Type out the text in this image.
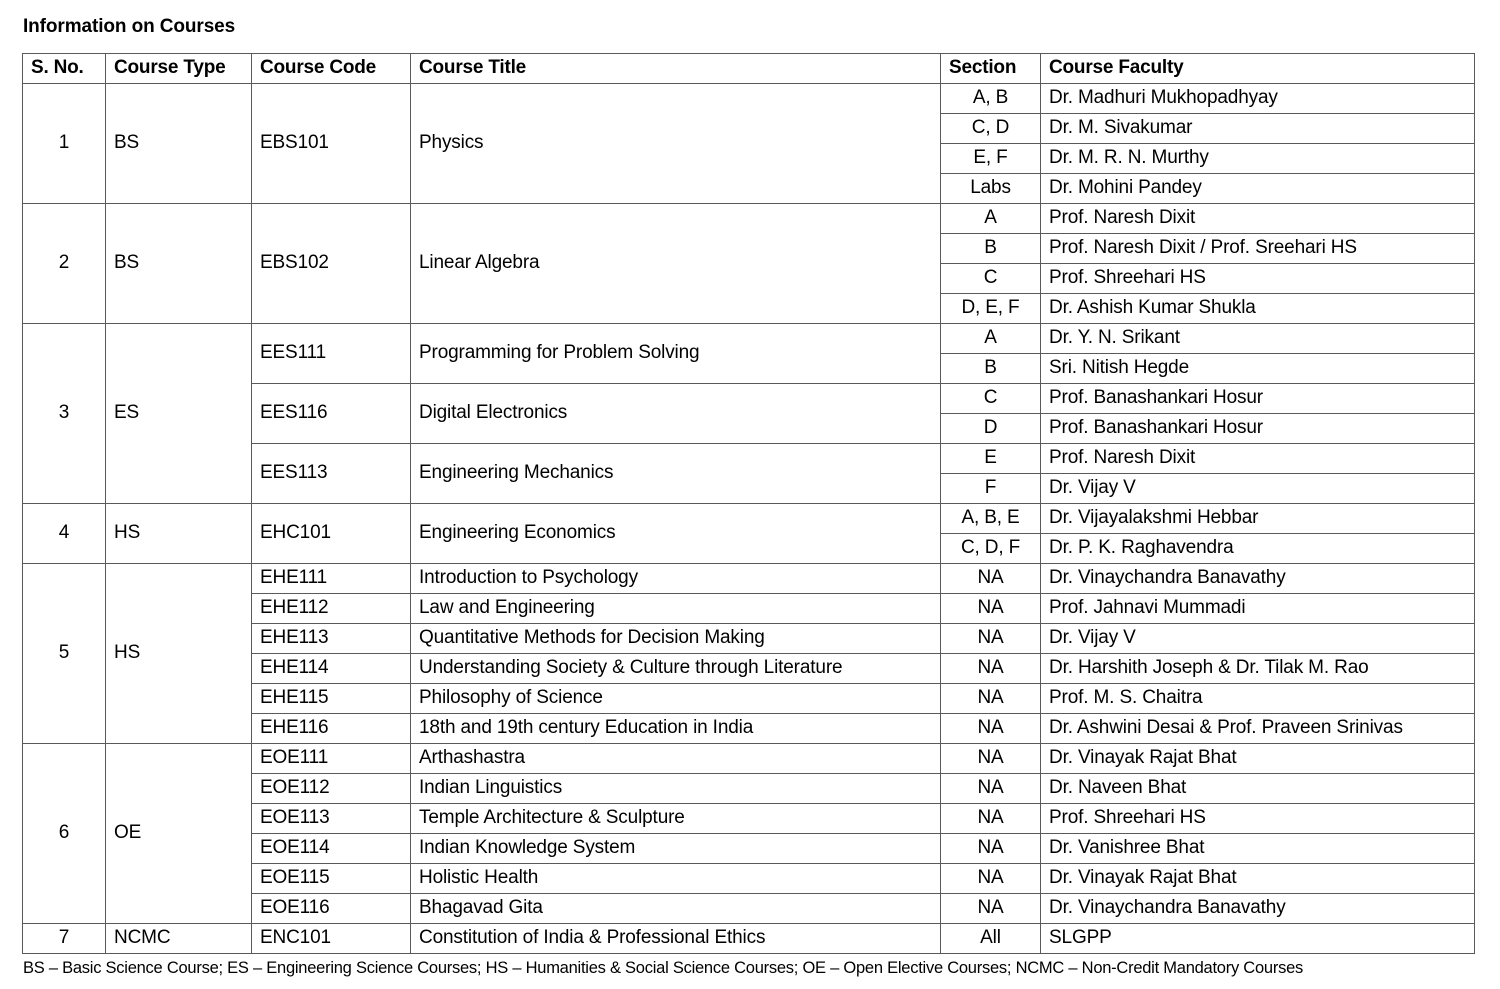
Information on Courses
S. No.	Course Type	Course Code	Course Title	Section	Course Faculty
1	BS	EBS101	Physics	A, B	Dr. Madhuri Mukhopadhyay
				C, D	Dr. M. Sivakumar
				E, F	Dr. M. R. N. Murthy
				Labs	Dr. Mohini Pandey
2	BS	EBS102	Linear Algebra	A	Prof. Naresh Dixit
				B	Prof. Naresh Dixit / Prof. Sreehari HS
				C	Prof. Shreehari HS
				D, E, F	Dr. Ashish Kumar Shukla
3	ES	EES111	Programming for Problem Solving	A	Dr. Y. N. Srikant
				B	Sri. Nitish Hegde
		EES116	Digital Electronics	C	Prof. Banashankari Hosur
				D	Prof. Banashankari Hosur
		EES113	Engineering Mechanics	E	Prof. Naresh Dixit
				F	Dr. Vijay V
4	HS	EHC101	Engineering Economics	A, B, E	Dr. Vijayalakshmi Hebbar
				C, D, F	Dr. P. K. Raghavendra
5	HS	EHE111	Introduction to Psychology	NA	Dr. Vinaychandra Banavathy
		EHE112	Law and Engineering	NA	Prof. Jahnavi Mummadi
		EHE113	Quantitative Methods for Decision Making	NA	Dr. Vijay V
		EHE114	Understanding Society & Culture through Literature	NA	Dr. Harshith Joseph & Dr. Tilak M. Rao
		EHE115	Philosophy of Science	NA	Prof. M. S. Chaitra
		EHE116	18th and 19th century Education in India	NA	Dr. Ashwini Desai & Prof. Praveen Srinivas
6	OE	EOE111	Arthashastra	NA	Dr. Vinayak Rajat Bhat
		EOE112	Indian Linguistics	NA	Dr. Naveen Bhat
		EOE113	Temple Architecture & Sculpture	NA	Prof. Shreehari HS
		EOE114	Indian Knowledge System	NA	Dr. Vanishree Bhat
		EOE115	Holistic Health	NA	Dr. Vinayak Rajat Bhat
		EOE116	Bhagavad Gita	NA	Dr. Vinaychandra Banavathy
7	NCMC	ENC101	Constitution of India & Professional Ethics	All	SLGPP
BS – Basic Science Course; ES – Engineering Science Courses; HS – Humanities & Social Science Courses; OE – Open Elective Courses; NCMC – Non-Credit Mandatory Courses
